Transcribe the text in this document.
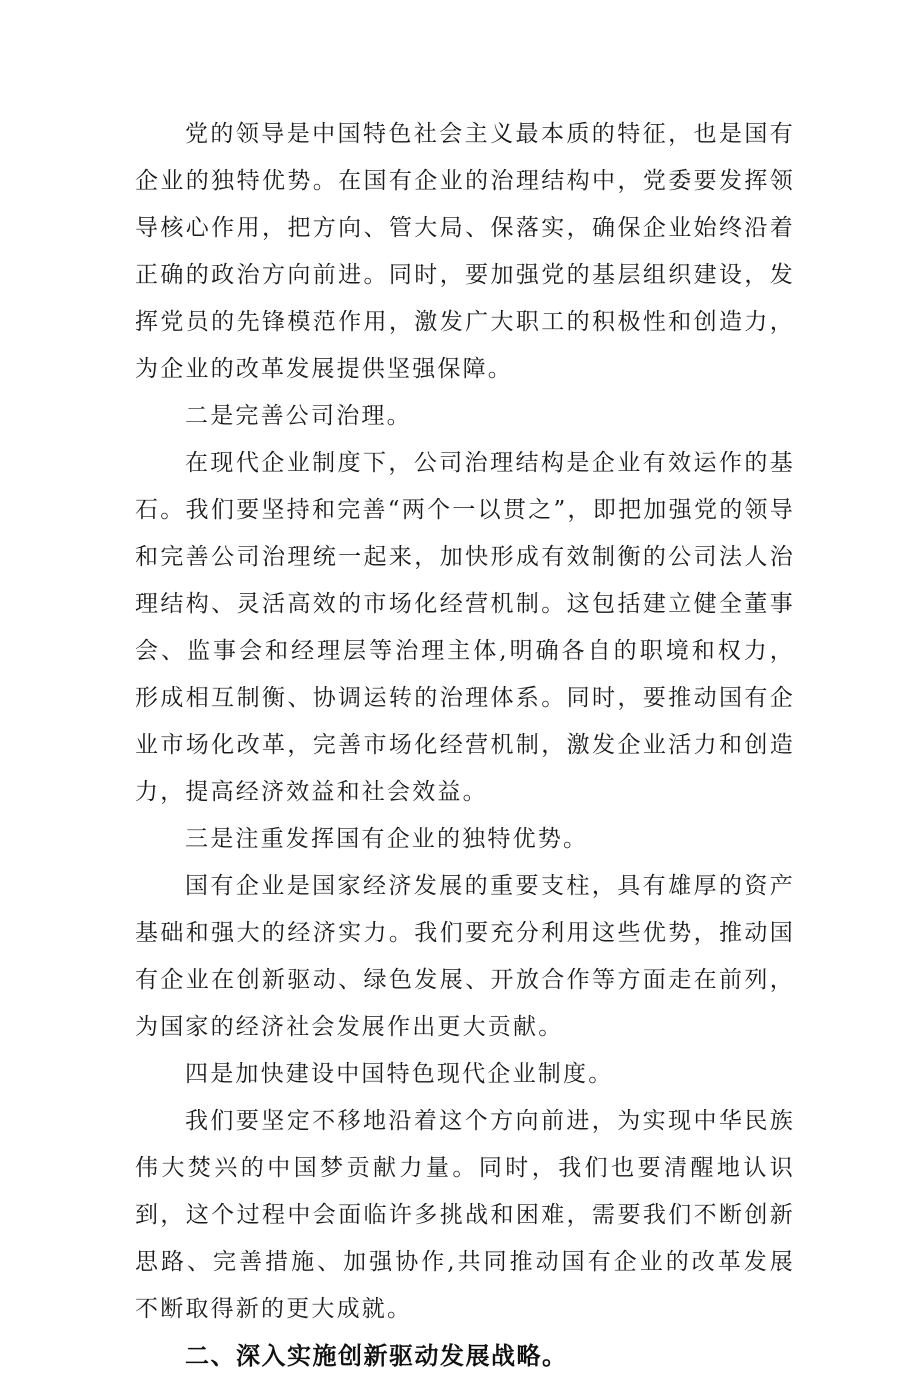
党的领导是中国特色社会主义最本质的特征，也是国有企业的独特优势。在国有企业的治理结构中，党委要发挥领导核心作用，把方向、管大局、保落实，确保企业始终沿着正确的政治方向前进。同时，要加强党的基层组织建设，发挥党员的先锋模范作用，激发广大职工的积极性和创造力，为企业的改革发展提供坚强保障。

二是完善公司治理。

在现代企业制度下，公司治理结构是企业有效运作的基石。我们要坚持和完善“两个一以贯之”，即把加强党的领导和完善公司治理统一起来，加快形成有效制衡的公司法人治理结构、灵活高效的市场化经营机制。这包括建立健全董事会、监事会和经理层等治理主体,明确各自的职境和权力，形成相互制衡、协调运转的治理体系。同时，要推动国有企业市场化改革，完善市场化经营机制，激发企业活力和创造力，提高经济效益和社会效益。

三是注重发挥国有企业的独特优势。

国有企业是国家经济发展的重要支柱，具有雄厚的资产基础和强大的经济实力。我们要充分利用这些优势，推动国有企业在创新驱动、绿色发展、开放合作等方面走在前列，为国家的经济社会发展作出更大贡献。

四是加快建设中国特色现代企业制度。

我们要坚定不移地沿着这个方向前进，为实现中华民族伟大焚兴的中国梦贡献力量。同时，我们也要清醒地认识到，这个过程中会面临许多挑战和困难，需要我们不断创新思路、完善措施、加强协作,共同推动国有企业的改革发展不断取得新的更大成就。

二、深入实施创新驱动发展战略。
